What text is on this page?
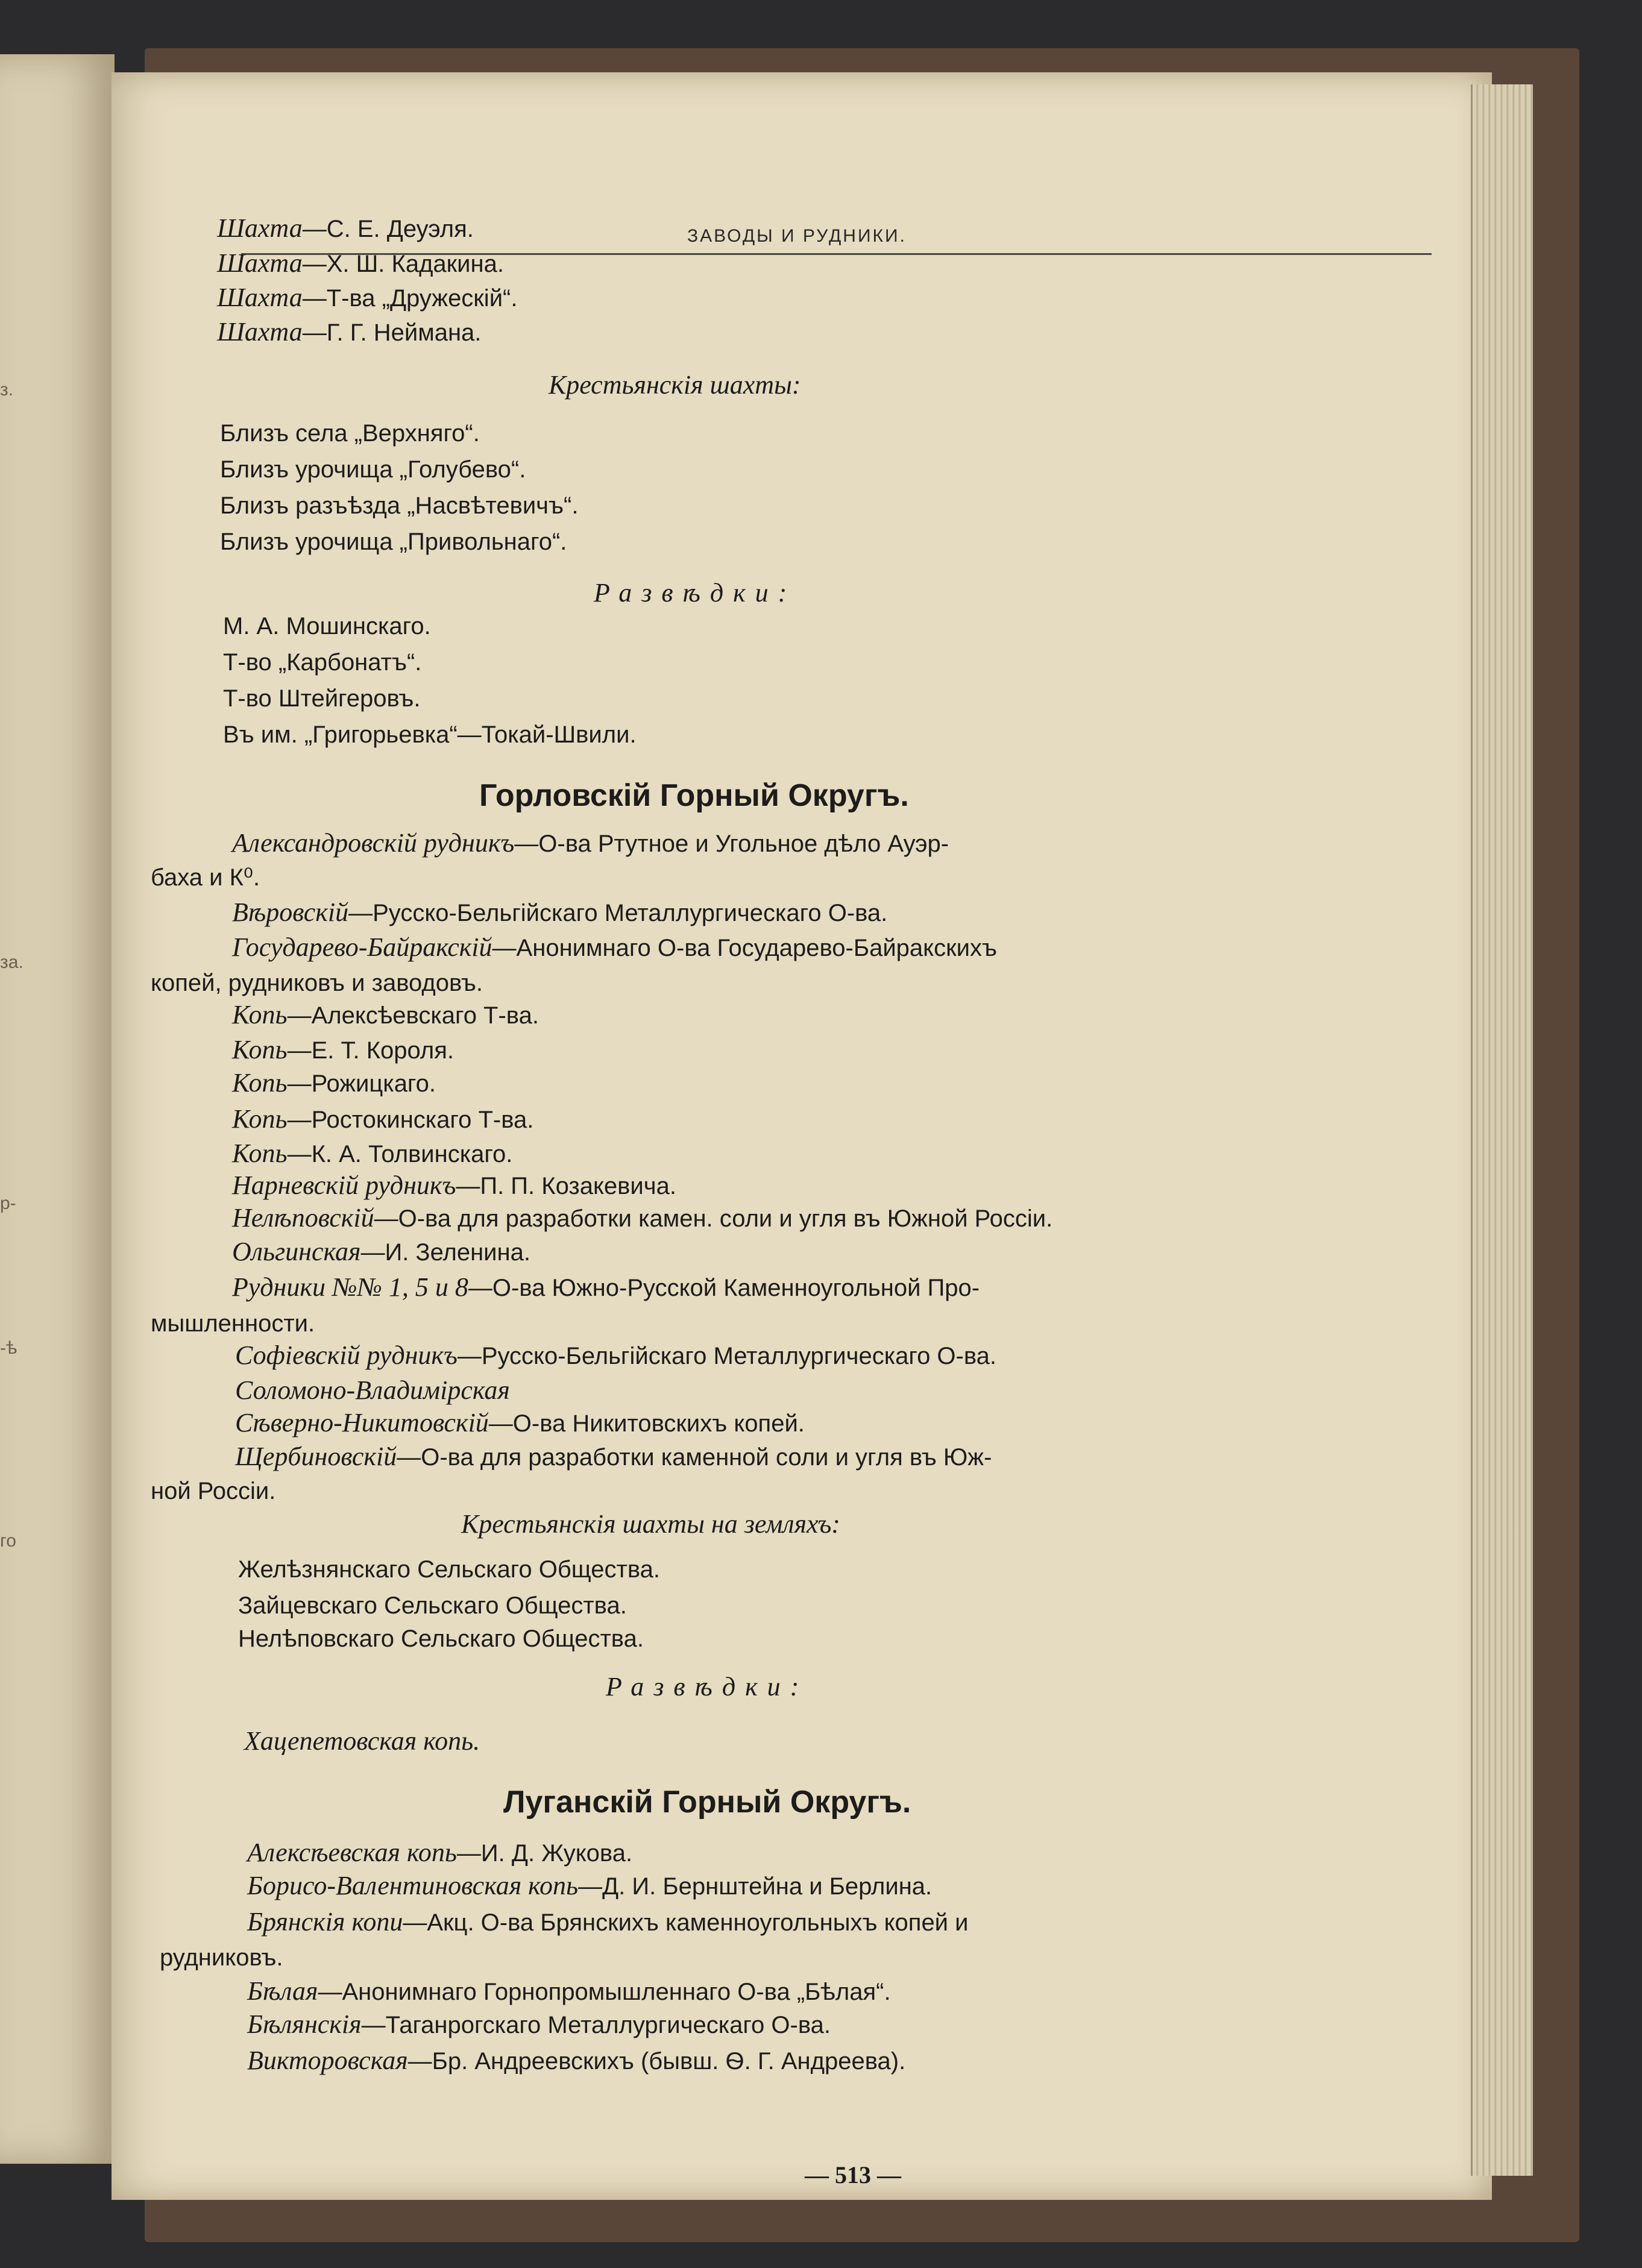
з.
за.
р-
-ѣ
го
ЗАВОДЫ И РУДНИКИ.
— 513 —
Шахта—С. Е. Деуэля.
Шахта—Х. Ш. Кадакина.
Шахта—Т-ва „Дружескій“.
Шахта—Г. Г. Неймана.
Крестьянскія шахты:
Близъ села „Верхняго“.
Близъ урочища „Голубево“.
Близъ разъѣзда „Насвѣтевичъ“.
Близъ урочища „Привольнаго“.
Развѣдки:
М. А. Мошинскаго.
Т-во „Карбонатъ“.
Т-во Штейгеровъ.
Въ им. „Григорьевка“—Токай-Швили.
Горловскій Горный Округъ.
Александровскій рудникъ—О-ва Ртутное и Угольное дѣло Ауэр-
баха и К⁰.
Вѣровскій—Русско-Бельгійскаго Металлургическаго О-ва.
Государево-Байракскій—Анонимнаго О-ва Государево-Байракскихъ
копей, рудниковъ и заводовъ.
Копь—Алексѣевскаго Т-ва.
Копь—Е. Т. Короля.
Копь—Рожицкаго.
Копь—Ростокинскаго Т-ва.
Копь—К. А. Толвинскаго.
Нарневскій рудникъ—П. П. Козакевича.
Нелѣповскій—О-ва для разработки камен. соли и угля въ Южной Россіи.
Ольгинская—И. Зеленина.
Рудники №№ 1, 5 и 8—О-ва Южно-Русской Каменноугольной Про-
мышленности.
Софіевскій рудникъ—Русско-Бельгійскаго Металлургическаго О-ва.
Соломоно-Владимірская
Сѣверно-Никитовскій—О-ва Никитовскихъ копей.
Щербиновскій—О-ва для разработки каменной соли и угля въ Юж-
ной Россіи.
Крестьянскія шахты на земляхъ:
Желѣзнянскаго Сельскаго Общества.
Зайцевскаго Сельскаго Общества.
Нелѣповскаго Сельскаго Общества.
Развѣдки:
Хацепетовская копь.
Луганскій Горный Округъ.
Алексѣевская копь—И. Д. Жукова.
Борисо-Валентиновская копь—Д. И. Бернштейна и Берлина.
Брянскія копи—Акц. О-ва Брянскихъ каменноугольныхъ копей и
рудниковъ.
Бѣлая—Анонимнаго Горнопромышленнаго О-ва „Бѣлая“.
Бѣлянскія—Таганрогскаго Металлургическаго О-ва.
Викторовская—Бр. Андреевскихъ (бывш. Ѳ. Г. Андреева).
